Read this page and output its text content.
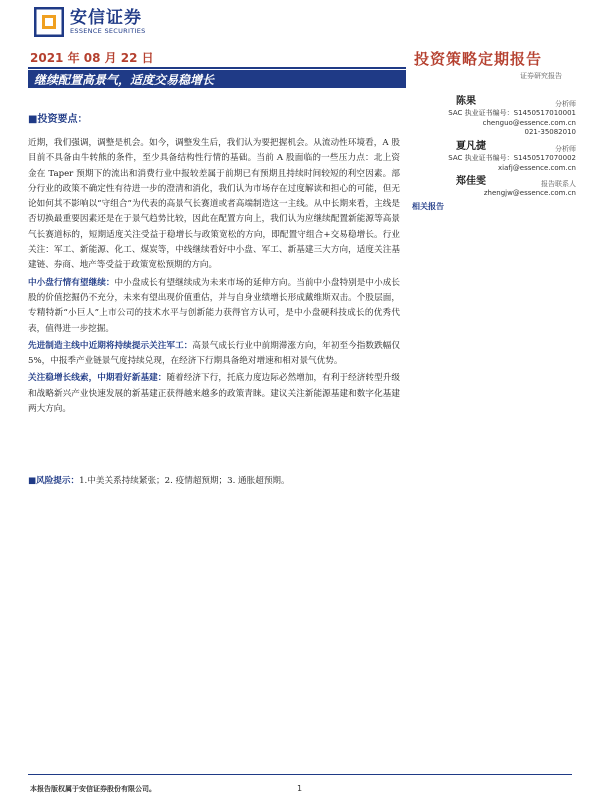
安信证券
ESSENCE SECURITIES
2021 年 08 月 22 日
继续配置高景气，适度交易稳增长
投资策略定期报告
证券研究报告
■投资要点：

近期，我们强调，调整是机会。如今，调整发生后，我们认为要把握机会。从流动性环境看，A 股目前不具备由牛转熊的条件，至少具备结构性行情的基础。当前 A 股面临的一些压力点：北上资金在 Taper 预期下的流出和消费行业中报较差属于前期已有预期且持续时间较短的利空因素。部分行业的政策不确定性有待进一步的澄清和消化，我们认为市场存在过度解读和担心的可能，但无论如何其不影响以“守组合”为代表的高景气长赛道或者高端制造这一主线。从中长期来看，主线是否切换最重要因素还是在于景气趋势比较，因此在配置方向上，我们认为应继续配置新能源等高景气长赛道标的，短期适度关注受益于稳增长与政策宽松的方向，即配置守组合+交易稳增长。行业关注：军工、新能源、化工、煤炭等，中线继续看好中小盘、军工、新基建三大方向，适度关注基建链、券商、地产等受益于政策宽松预期的方向。

中小盘行情有望继续：中小盘成长有望继续成为未来市场的延伸方向。当前中小盘特别是中小成长股的价值挖掘仍不充分，未来有望出现价值重估，并与自身业绩增长形成戴维斯双击。个股层面，专精特新“小巨人”上市公司的技术水平与创新能力获得官方认可，是中小盘硬科技成长的优秀代表，值得进一步挖掘。

先进制造主线中近期将持续提示关注军工：高景气成长行业中前期滞涨方向，年初至今指数跌幅仅 5%，中报季产业链景气度持续兑现，在经济下行期具备绝对增速和相对景气优势。

关注稳增长线索，中期看好新基建：随着经济下行，托底力度边际必然增加，有利于经济转型升级和战略新兴产业快速发展的新基建正获得越来越多的政策青睐。建议关注新能源基建和数字化基建两大方向。

■风险提示：1.中美关系持续紧张；2. 疫情超预期；3. 通胀超预期。
陈果	分析师
SAC 执业证书编号：S1450517010001
chenguo@essence.com.cn
021-35082010
夏凡捷	分析师
SAC 执业证书编号：S1450517070002
xiafj@essence.com.cn
郑佳雯	报告联系人
zhengjw@essence.com.cn
相关报告
本报告版权属于安信证券股份有限公司。	1
